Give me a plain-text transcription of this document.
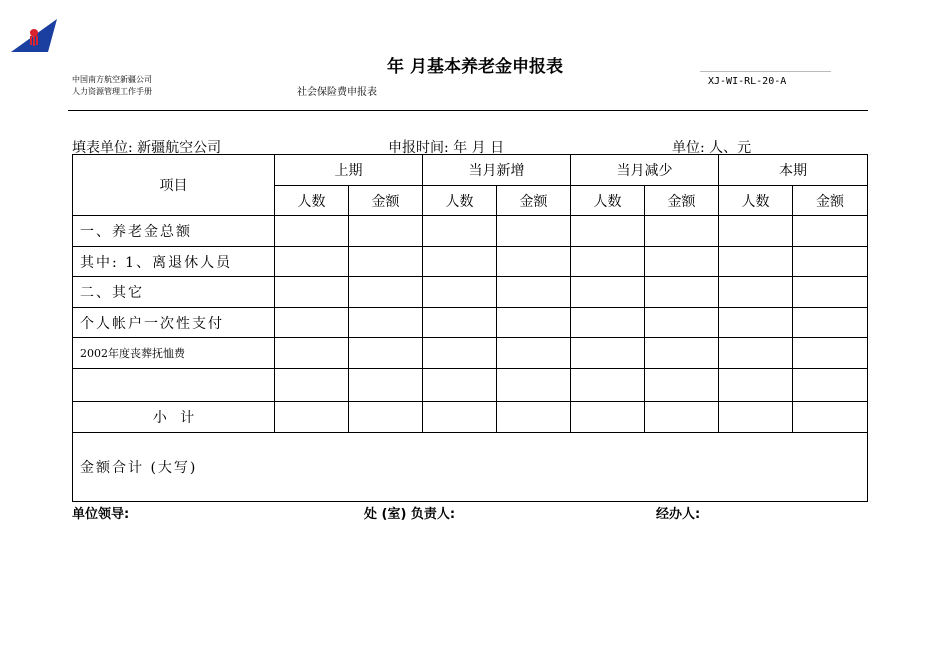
年 月基本养老金申报表
中国南方航空新疆公司
人力资源管理工作手册	社会保险费申报表
XJ-WI-RL-20-A
填表单位: 新疆航空公司	申报时间: 年 月 日	单位: 人、元
项目	上期		当月新增		当月减少		本期	
	人数	金额	人数	金额	人数	金额	人数	金额
一、养老金总额								
其中: 1、离退休人员								
二、其它								
个人帐户一次性支付								
2002年度丧葬抚恤费								

小   计								
金额合计 (大写)								
单位领导:	处 (室) 负责人:	经办人:
